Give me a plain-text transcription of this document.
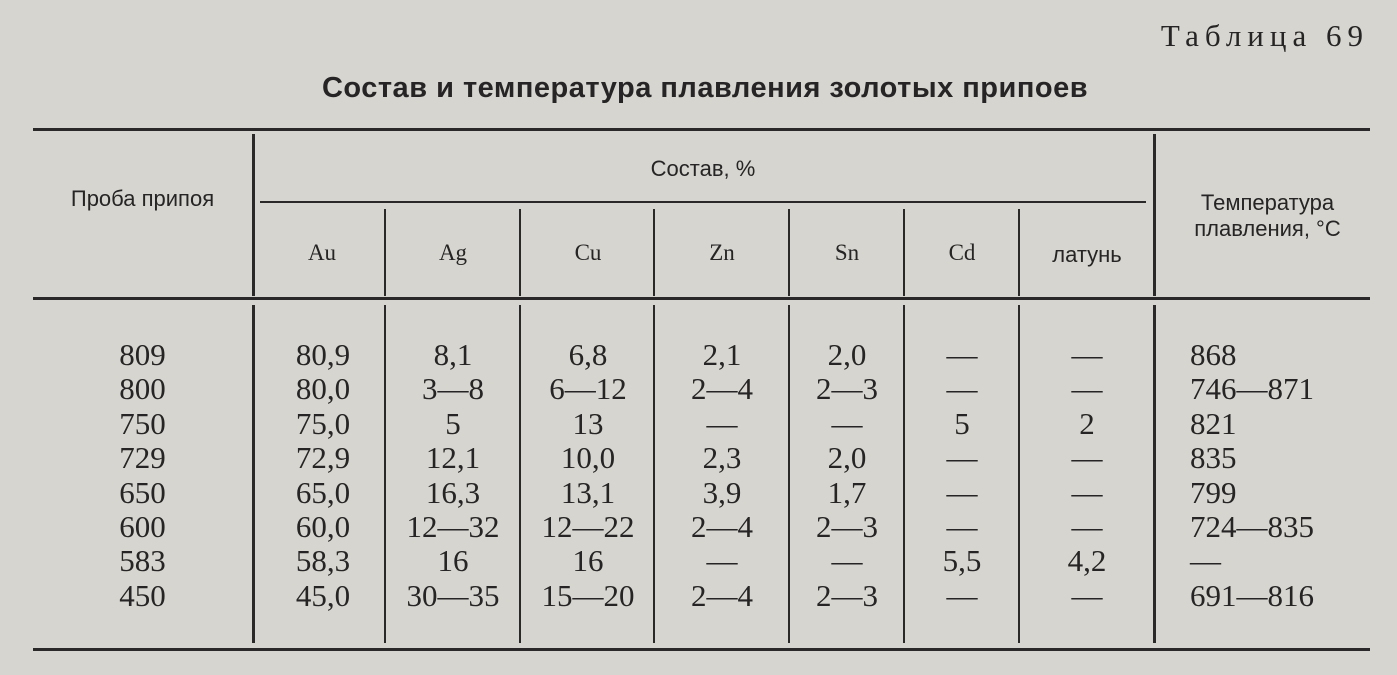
Таблица 69
Состав и температура плавления золотых припоев
Проба припоя
Состав, %
Температура плавления, °С
Au	Ag	Cu	Zn	Sn	Cd	латунь
809	80,9	8,1	6,8	2,1	2,0	—	—	868
800	80,0	3—8	6—12	2—4	2—3	—	—	746—871
750	75,0	5	13	—	—	5	2	821
729	72,9	12,1	10,0	2,3	2,0	—	—	835
650	65,0	16,3	13,1	3,9	1,7	—	—	799
600	60,0	12—32	12—22	2—4	2—3	—	—	724—835
583	58,3	16	16	—	—	5,5	4,2	—
450	45,0	30—35	15—20	2—4	2—3	—	—	691—816
